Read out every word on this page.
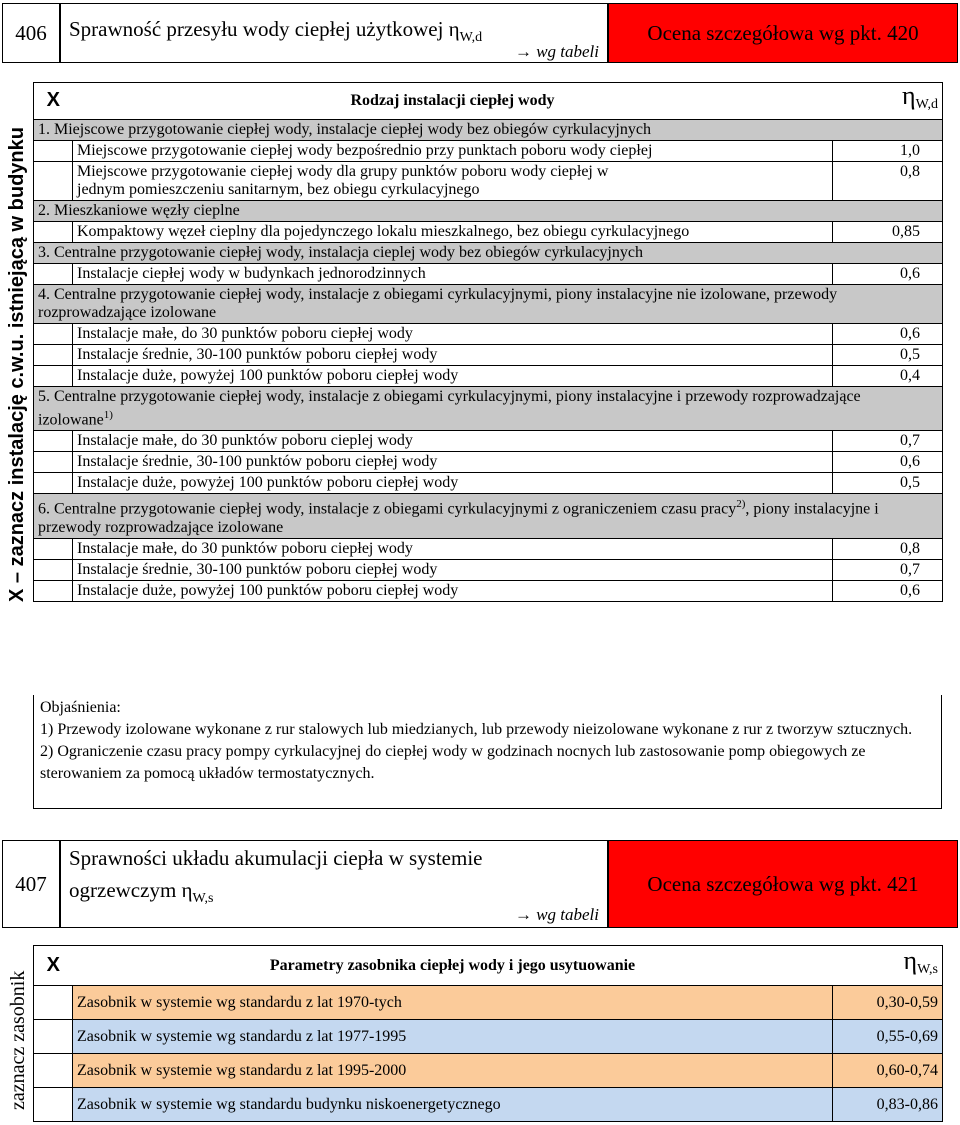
406	Sprawność przesyłu wody ciepłej użytkowej $\eta_{W,d}$
→ wg tabeli
Ocena szczegółowa wg pkt. 420
X – zaznacz instalację c.w.u. istniejącą w budynku
X	Rodzaj instalacji ciepłej wody	$\eta_{W,d}$
1. Miejscowe przygotowanie ciepłej wody, instalacje ciepłej wody bez obiegów cyrkulacyjnych		
	Miejscowe przygotowanie ciepłej wody bezpośrednio przy punktach poboru wody ciepłej	1,0
	Miejscowe przygotowanie ciepłej wody dla grupy punktów poboru wody ciepłej w jednym pomieszczeniu sanitarnym, bez obiegu cyrkulacyjnego	0,8
2. Mieszkaniowe węzły cieplne		
	Kompaktowy węzeł cieplny dla pojedynczego lokalu mieszkalnego, bez obiegu cyrkulacyjnego	0,85
3. Centralne przygotowanie ciepłej wody, instalacja cieplej wody bez obiegów cyrkulacyjnych		
	Instalacje ciepłej wody w budynkach jednorodzinnych	0,6
4. Centralne przygotowanie ciepłej wody, instalacje z obiegami cyrkulacyjnymi, piony instalacyjne nie izolowane, przewody rozprowadzające izolowane		
	Instalacje małe, do 30 punktów poboru ciepłej wody	0,6
	Instalacje średnie, 30-100 punktów poboru ciepłej wody	0,5
	Instalacje duże, powyżej 100 punktów poboru ciepłej wody	0,4
5. Centralne przygotowanie ciepłej wody, instalacje z obiegami cyrkulacyjnymi, piony instalacyjne i przewody rozprowadzające izolowane$^{1)}$
	Instalacje małe, do 30 punktów poboru cieplej wody	0,7
	Instalacje średnie, 30-100 punktów poboru ciepłej wody	0,6
	Instalacje duże, powyżej 100 punktów poboru ciepłej wody	0,5
6. Centralne przygotowanie ciepłej wody, instalacje z obiegami cyrkulacyjnymi z ograniczeniem czasu pracy$^{2)}$, piony instalacyjne i przewody rozprowadzające izolowane		
	Instalacje małe, do 30 punktów poboru ciepłej wody	0,8
	Instalacje średnie, 30-100 punktów poboru ciepłej wody	0,7
	Instalacje duże, powyżej 100 punktów poboru ciepłej wody	0,6
Objaśnienia:
1) Przewody izolowane wykonane z rur stalowych lub miedzianych, lub przewody nieizolowane wykonane z rur z tworzyw sztucznych.
2) Ograniczenie czasu pracy pompy cyrkulacyjnej do ciepłej wody w godzinach nocnych lub zastosowanie pomp obiegowych ze sterowaniem za pomocą układów termostatycznych.
407
Sprawności układu akumulacji ciepła w systemie
ogrzewczym $\eta_{W,s}$
→ wg tabeli
Ocena szczegółowa wg pkt. 421
zaznacz zasobnik
X	Parametry zasobnika ciepłej wody i jego usytuowanie	$\eta_{W,s}$
	Zasobnik w systemie wg standardu z lat 1970-tych	0,30-0,59
	Zasobnik w systemie wg standardu z lat 1977-1995	0,55-0,69
	Zasobnik w systemie wg standardu z lat 1995-2000	0,60-0,74
	Zasobnik w systemie wg standardu budynku niskoenergetycznego	0,83-0,86
